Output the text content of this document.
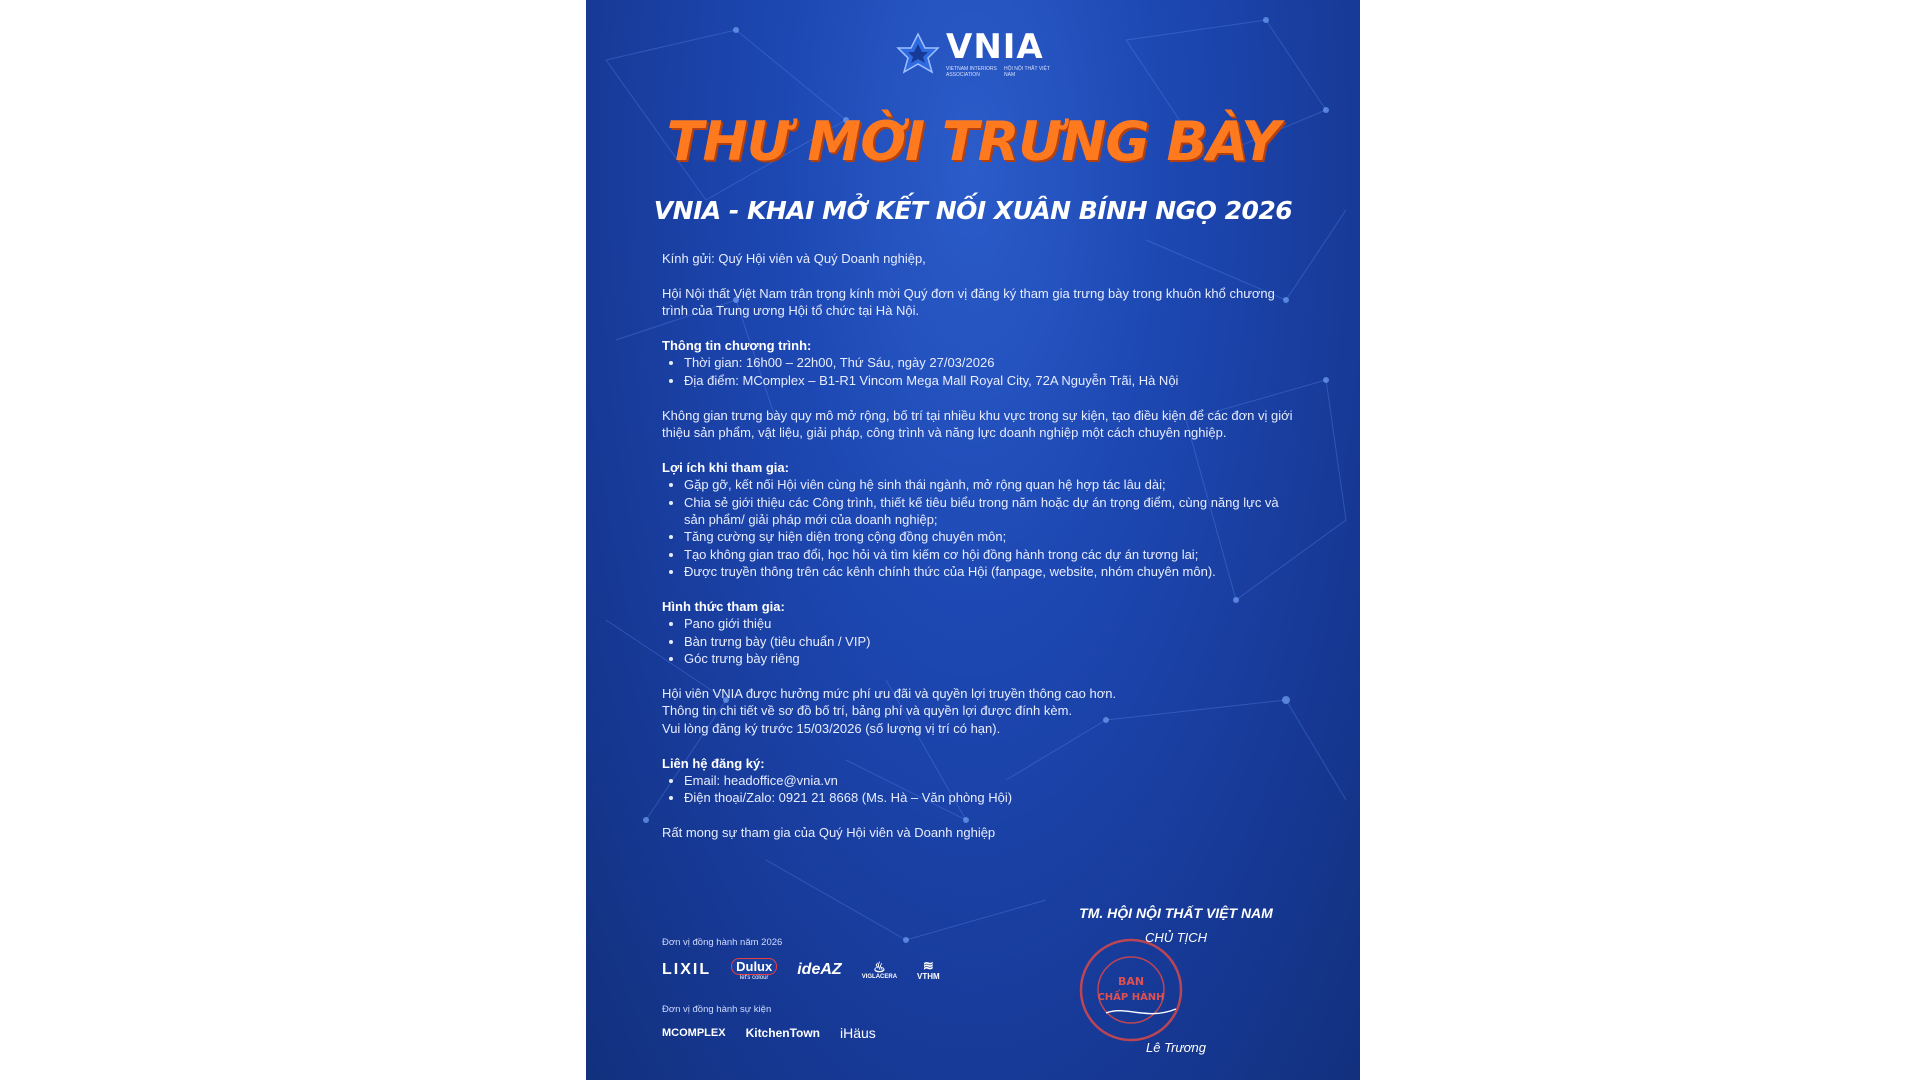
VNIA
VIETNAM INTERIORS ASSOCIATION
HỘI NỘI THẤT VIỆT NAM
THƯ MỜI TRƯNG BÀY
VNIA - KHAI MỞ KẾT NỐI XUÂN BÍNH NGỌ 2026

Kính gửi: Quý Hội viên và Quý Doanh nghiệp,

Hội Nội thất Việt Nam trân trọng kính mời Quý đơn vị đăng ký tham gia trưng bày trong khuôn khổ chương trình của Trung ương Hội tổ chức tại Hà Nội.

Thông tin chương trình:
• Thời gian: 16h00 – 22h00, Thứ Sáu, ngày 27/03/2026
• Địa điểm: MComplex – B1-R1 Vincom Mega Mall Royal City, 72A Nguyễn Trãi, Hà Nội

Không gian trưng bày quy mô mở rộng, bố trí tại nhiều khu vực trong sự kiện, tạo điều kiện để các đơn vị giới thiệu sản phẩm, vật liệu, giải pháp, công trình và năng lực doanh nghiệp một cách chuyên nghiệp.

Lợi ích khi tham gia:
• Gặp gỡ, kết nối Hội viên cùng hệ sinh thái ngành, mở rộng quan hệ hợp tác lâu dài;
• Chia sẻ giới thiệu các Công trình, thiết kế tiêu biểu trong năm hoặc dự án trọng điểm, cùng năng lực và sản phẩm/ giải pháp mới của doanh nghiệp;
• Tăng cường sự hiện diện trong cộng đồng chuyên môn;
• Tạo không gian trao đổi, học hỏi và tìm kiếm cơ hội đồng hành trong các dự án tương lai;
• Được truyền thông trên các kênh chính thức của Hội (fanpage, website, nhóm chuyên môn).
Hình thức tham gia:
• Pano giới thiệu
• Bàn trưng bày (tiêu chuẩn / VIP)
• Góc trưng bày riêng
Hội viên VNIA được hưởng mức phí ưu đãi và quyền lợi truyền thông cao hơn.
Thông tin chi tiết về sơ đồ bố trí, bảng phí và quyền lợi được đính kèm.

Vui lòng đăng ký trước 15/03/2026 (số lượng vị trí có hạn).

Liên hệ đăng ký:
• Email: headoffice@vnia.vn
• Điện thoại/Zalo: 0921 21 8668 (Ms. Hà – Văn phòng Hội)

Rất mong sự tham gia của Quý Hội viên và Doanh nghiệp

BAN
CHẤP HÀNH
TM. HỘI NỘI THẤT VIỆT NAM
CHỦ TỊCH
Lê Trương
Đơn vị đồng hành năm 2026
LIXIL	Dulux
let's colour
ideAZ ♨
VIGLACERA
≋
VTHM
Đơn vị đồng hành sự kiện
MCOMPLEX KitchenTown iHäus
